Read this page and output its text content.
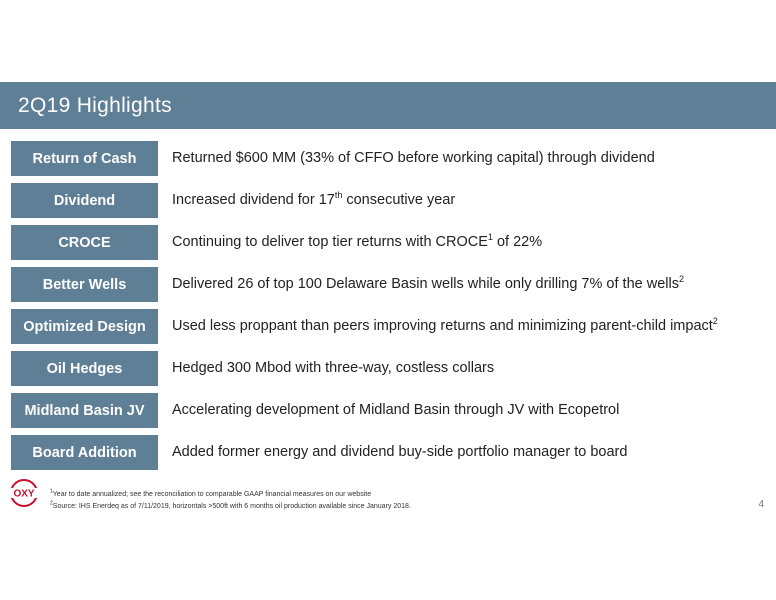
2Q19 Highlights
Return of Cash	Returned $600 MM (33% of CFFO before working capital) through dividend
Dividend	Increased dividend for 17th consecutive year
CROCE	Continuing to deliver top tier returns with CROCE$^1$ of 22%
Better Wells	Delivered 26 of top 100 Delaware Basin wells while only drilling 7% of the wells$^2$
Optimized Design	Used less proppant than peers improving returns and minimizing parent-child impact$^2$
Oil Hedges	Hedged 300 Mbod with three-way, costless collars
Midland Basin JV	Accelerating development of Midland Basin through JV with Ecopetrol
Board Addition	Added former energy and dividend buy-side portfolio manager to board
OXY	$^1$Year to date annualized; see the reconciliation to comparable GAAP financial measures on our website
$^2$Source: IHS Enerdeq as of 7/11/2019, horizontals >500ft with 6 months oil production available since January 2018.	4
